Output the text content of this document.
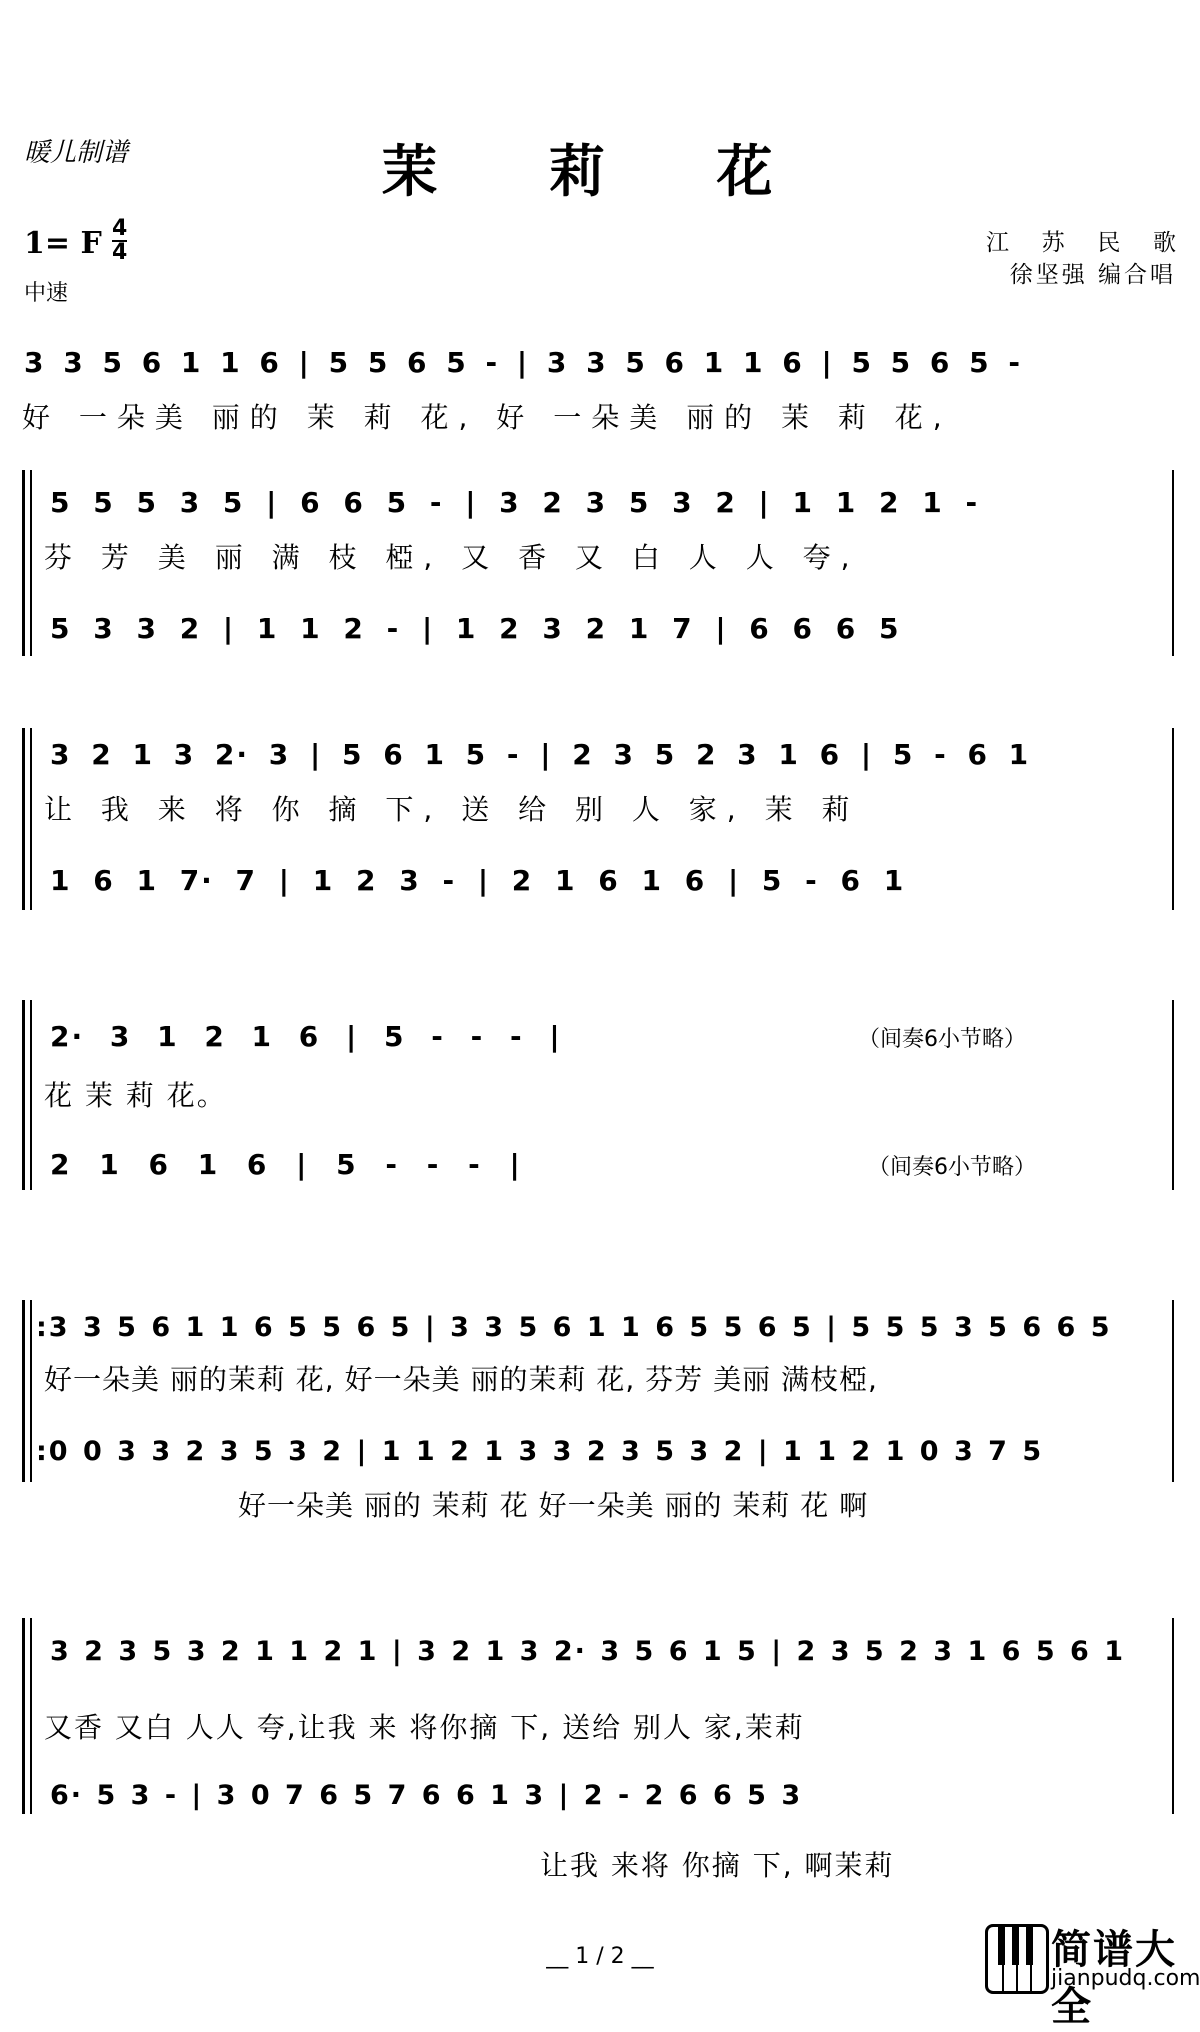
暖儿制谱	茉 莉 花
1= F 4
4
中速
江 苏 民 歌
徐坚强 编合唱
3 3 5 6 1 1 6 | 5 5 6 5 - | 3 3 5 6 1 1 6 | 5 5 6 5 -
好 一朵美 丽的 茉 莉 花, 好 一朵美 丽的 茉 莉 花,
5 5 5 3 5 | 6 6 5 - | 3 2 3 5 3 2 | 1 1 2 1 -
芬 芳 美 丽 满 枝 椏, 又 香 又 白 人 人 夸,
5 3 3 2 | 1 1 2 - | 1 2 3 2 1 7 | 6 6 6 5
3 2 1 3 2· 3 | 5 6 1 5 - | 2 3 5 2 3 1 6 | 5 - 6 1
让 我 来 将 你 摘 下, 送 给 别 人 家, 茉 莉
1 6 1 7· 7 | 1 2 3 - | 2 1 6 1 6 | 5 - 6 1
2· 3 1 2 1 6 | 5 - - - |
花 茉 莉 花。
2 1 6 1 6 | 5 - - - |
（间奏6小节略）
（间奏6小节略）
:3 3 5 6 1 1 6 5 5 6 5 | 3 3 5 6 1 1 6 5 5 6 5 | 5 5 5 3 5 6 6 5
好一朵美 丽的茉莉 花, 好一朵美 丽的茉莉 花, 芬芳 美丽 满枝椏,
:0 0 3 3 2 3 5 3 2 | 1 1 2 1 3 3 2 3 5 3 2 | 1 1 2 1 0 3 7 5
好一朵美 丽的 茉莉 花 好一朵美 丽的 茉莉 花 啊
3 2 3 5 3 2 1 1 2 1 | 3 2 1 3 2· 3 5 6 1 5 | 2 3 5 2 3 1 6 5 6 1
又香 又白 人人 夸,让我 来 将你摘 下, 送给 别人 家,茉莉
6· 5 3 - | 3 0 7 6 5 7 6 6 1 3 | 2 - 2 6 6 5 3
让我 来将 你摘 下, 啊茉莉
__ 1 / 2 __	简谱大全
jianpudq.com
